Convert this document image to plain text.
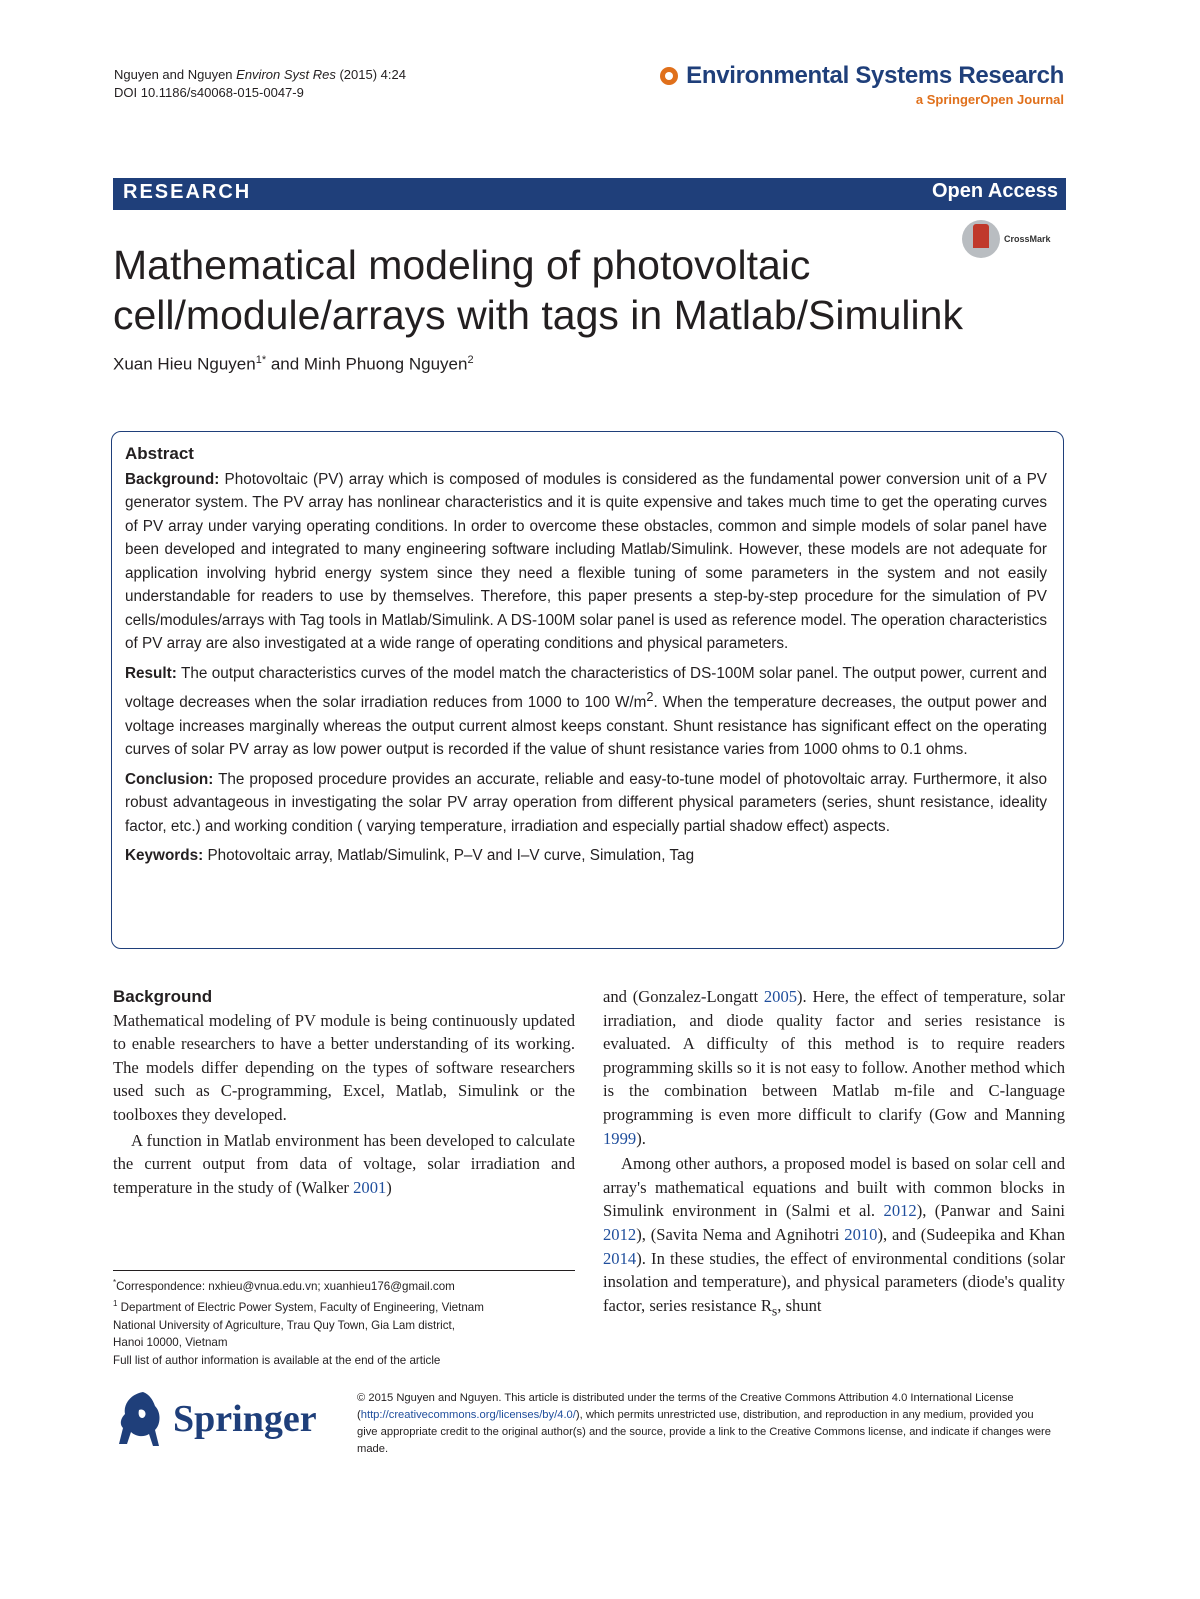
Nguyen and Nguyen Environ Syst Res (2015) 4:24
DOI 10.1186/s40068-015-0047-9
Environmental Systems Research
a SpringerOpen Journal
RESEARCH	Open Access
CrossMark
Mathematical modeling of photovoltaic
cell/module/arrays with tags in Matlab/Simulink
Xuan Hieu Nguyen$^{1*}$ and Minh Phuong Nguyen$^2$
Abstract

Background: Photovoltaic (PV) array which is composed of modules is considered as the fundamental power conversion unit of a PV generator system. The PV array has nonlinear characteristics and it is quite expensive and takes much time to get the operating curves of PV array under varying operating conditions. In order to overcome these obstacles, common and simple models of solar panel have been developed and integrated to many engineering software including Matlab/Simulink. However, these models are not adequate for application involving hybrid energy system since they need a flexible tuning of some parameters in the system and not easily understandable for readers to use by themselves. Therefore, this paper presents a step-by-step procedure for the simulation of PV cells/modules/arrays with Tag tools in Matlab/Simulink. A DS-100M solar panel is used as reference model. The operation characteristics of PV array are also investigated at a wide range of operating conditions and physical parameters.

Result: The output characteristics curves of the model match the characteristics of DS-100M solar panel. The output power, current and voltage decreases when the solar irradiation reduces from 1000 to 100 $W/m^2$. When the temperature decreases, the output power and voltage increases marginally whereas the output current almost keeps constant. Shunt resistance has significant effect on the operating curves of solar PV array as low power output is recorded if the value of shunt resistance varies from 1000 ohms to 0.1 ohms.

Conclusion: The proposed procedure provides an accurate, reliable and easy-to-tune model of photovoltaic array. Furthermore, it also robust advantageous in investigating the solar PV array operation from different physical parameters (series, shunt resistance, ideality factor, etc.) and working condition ( varying temperature, irradiation and especially partial shadow effect) aspects.

Keywords: Photovoltaic array, Matlab/Simulink, P–V and I–V curve, Simulation, Tag

Background

Mathematical modeling of PV module is being continuously updated to enable researchers to have a better understanding of its working. The models differ depending on the types of software researchers used such as C-programming, Excel, Matlab, Simulink or the toolboxes they developed.

A function in Matlab environment has been developed to calculate the current output from data of voltage, solar irradiation and temperature in the study of (Walker 2001)

and (Gonzalez-Longatt 2005). Here, the effect of temperature, solar irradiation, and diode quality factor and series resistance is evaluated. A difficulty of this method is to require readers programming skills so it is not easy to follow. Another method which is the combination between Matlab m-file and C-language programming is even more difficult to clarify (Gow and Manning 1999).

Among other authors, a proposed model is based on solar cell and array's mathematical equations and built with common blocks in Simulink environment in (Salmi et al. 2012), (Panwar and Saini 2012), (Savita Nema and Agnihotri 2010), and (Sudeepika and Khan 2014). In these studies, the effect of environmental conditions (solar insolation and temperature), and physical parameters (diode's quality factor, series resistance $R_s$, shunt

*Correspondence: nxhieu@vnua.edu.vn; xuanhieu176@gmail.com

$^1$ Department of Electric Power System, Faculty of Engineering, Vietnam

National University of Agriculture, Trau Quy Town, Gia Lam district,

Hanoi 10000, Vietnam

Full list of author information is available at the end of the article

Springer	© 2015 Nguyen and Nguyen. This article is distributed under the terms of the Creative Commons Attribution 4.0 International License (http://creativecommons.org/licenses/by/4.0/), which permits unrestricted use, distribution, and reproduction in any medium, provided you give appropriate credit to the original author(s) and the source, provide a link to the Creative Commons license, and indicate if changes were made.
